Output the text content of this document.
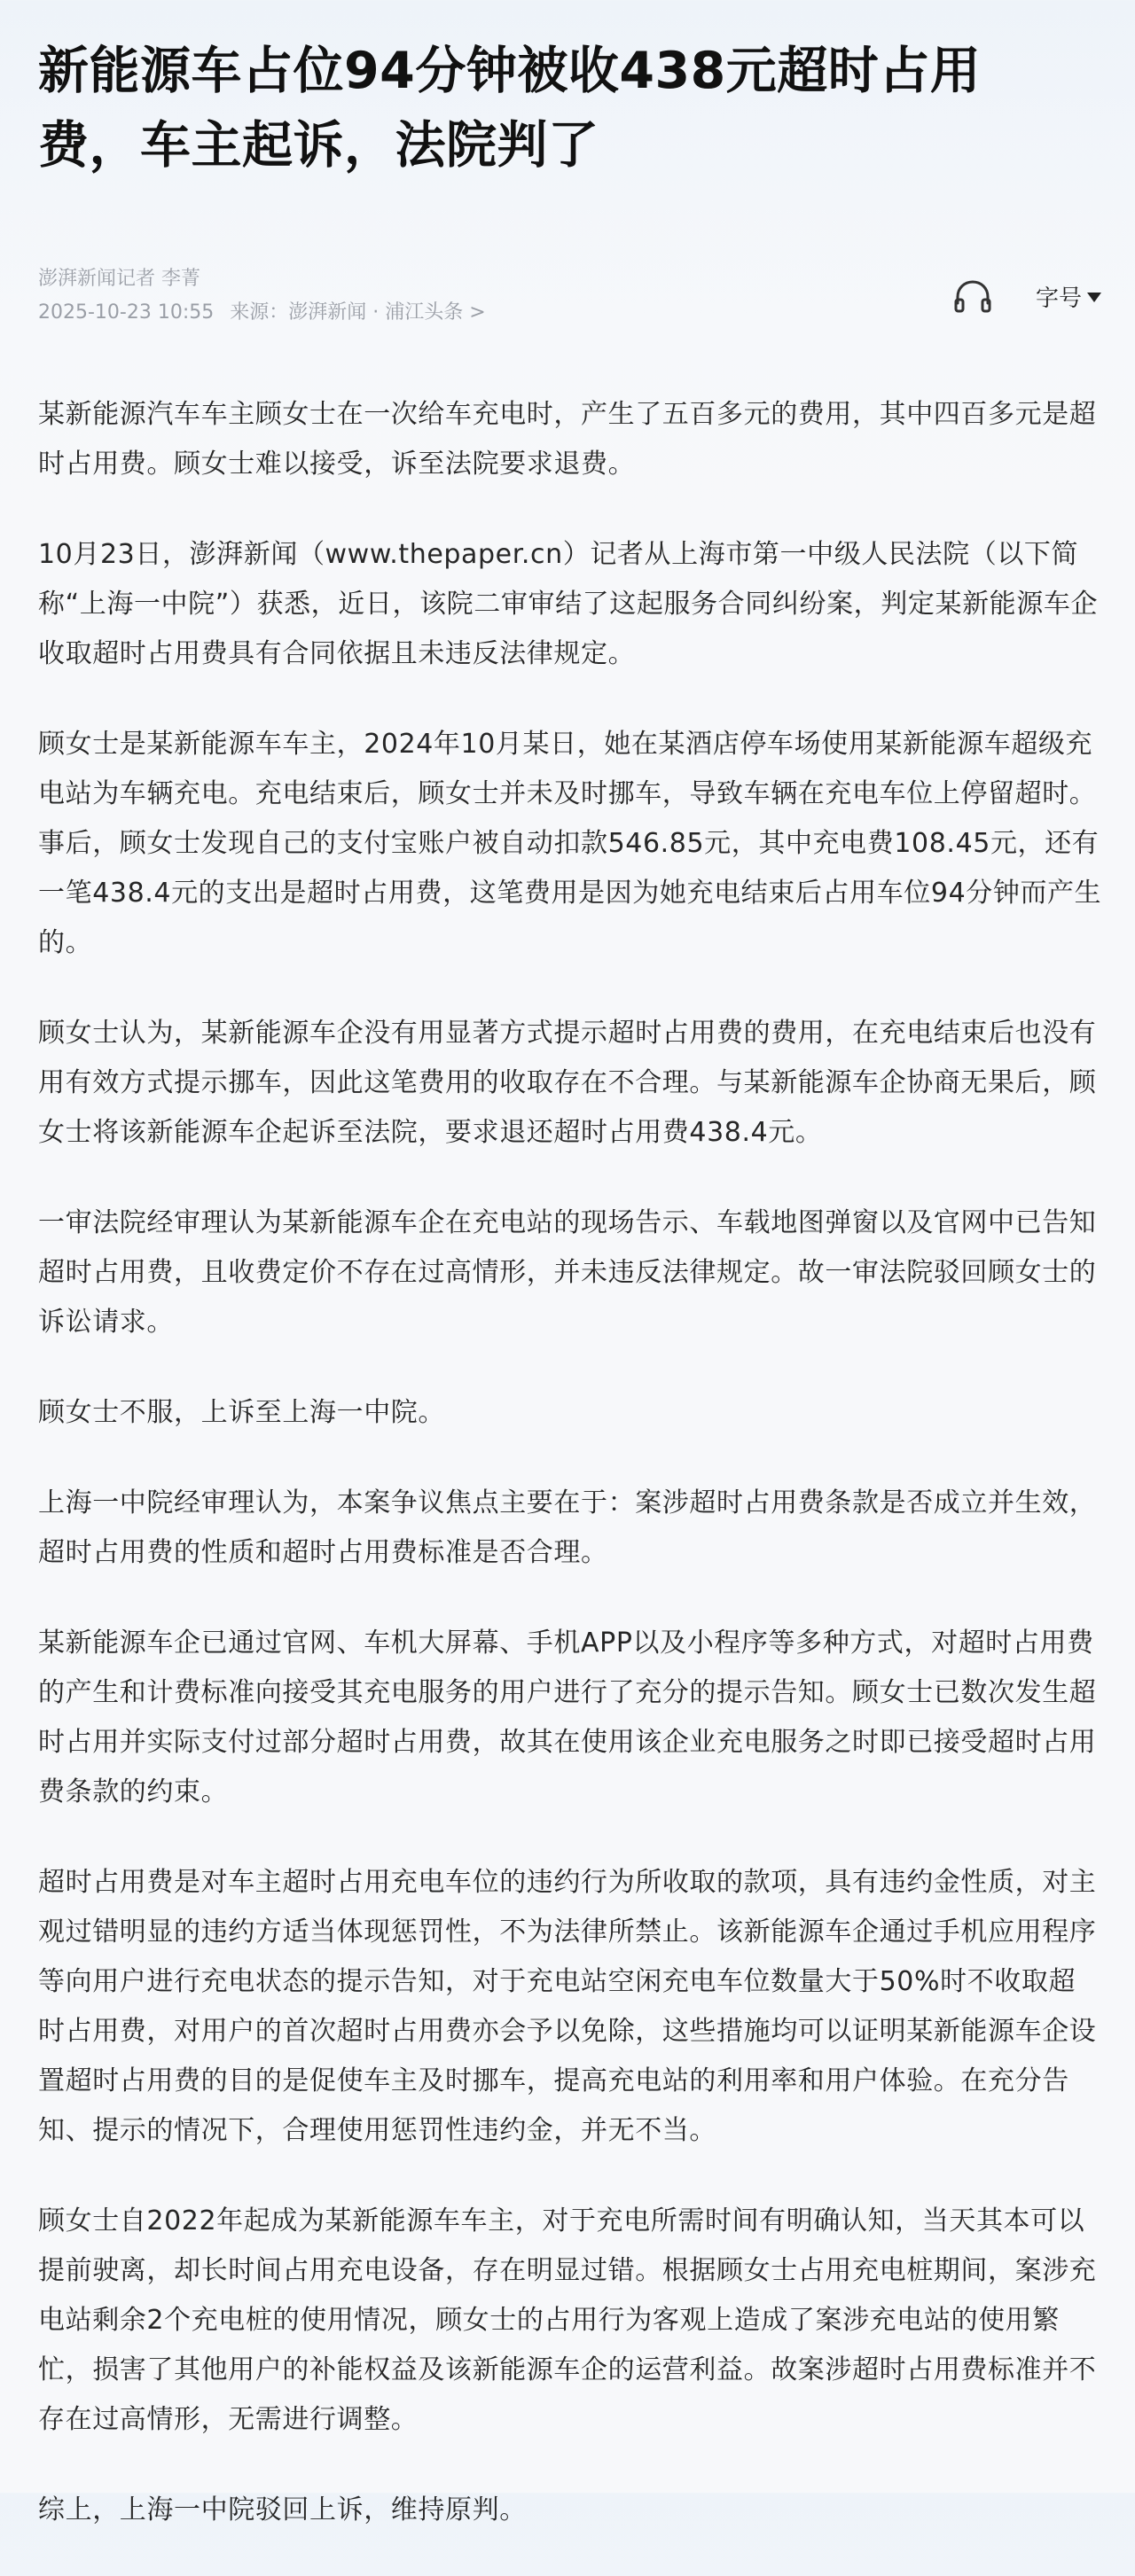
新能源车占位94分钟被收438元超时占用费，车主起诉，法院判了
澎湃新闻记者 李菁
2025-10-23 10:55 来源：澎湃新闻 · 浦江头条 >
字号

某新能源汽车车主顾女士在一次给车充电时，产生了五百多元的费用，其中四百多元是超时占用费。顾女士难以接受，诉至法院要求退费。

10月23日，澎湃新闻（www.thepaper.cn）记者从上海市第一中级人民法院（以下简称“上海一中院”）获悉，近日，该院二审审结了这起服务合同纠纷案，判定某新能源车企收取超时占用费具有合同依据且未违反法律规定。

顾女士是某新能源车车主，2024年10月某日，她在某酒店停车场使用某新能源车超级充电站为车辆充电。充电结束后，顾女士并未及时挪车，导致车辆在充电车位上停留超时。事后，顾女士发现自己的支付宝账户被自动扣款546.85元，其中充电费108.45元，还有一笔438.4元的支出是超时占用费，这笔费用是因为她充电结束后占用车位94分钟而产生的。

顾女士认为，某新能源车企没有用显著方式提示超时占用费的费用，在充电结束后也没有用有效方式提示挪车，因此这笔费用的收取存在不合理。与某新能源车企协商无果后，顾女士将该新能源车企起诉至法院，要求退还超时占用费438.4元。

一审法院经审理认为某新能源车企在充电站的现场告示、车载地图弹窗以及官网中已告知超时占用费，且收费定价不存在过高情形，并未违反法律规定。故一审法院驳回顾女士的诉讼请求。

顾女士不服，上诉至上海一中院。

上海一中院经审理认为，本案争议焦点主要在于：案涉超时占用费条款是否成立并生效，超时占用费的性质和超时占用费标准是否合理。

某新能源车企已通过官网、车机大屏幕、手机APP以及小程序等多种方式，对超时占用费的产生和计费标准向接受其充电服务的用户进行了充分的提示告知。顾女士已数次发生超时占用并实际支付过部分超时占用费，故其在使用该企业充电服务之时即已接受超时占用费条款的约束。

超时占用费是对车主超时占用充电车位的违约行为所收取的款项，具有违约金性质，对主观过错明显的违约方适当体现惩罚性，不为法律所禁止。该新能源车企通过手机应用程序等向用户进行充电状态的提示告知，对于充电站空闲充电车位数量大于50%时不收取超时占用费，对用户的首次超时占用费亦会予以免除，这些措施均可以证明某新能源车企设置超时占用费的目的是促使车主及时挪车，提高充电站的利用率和用户体验。在充分告知、提示的情况下，合理使用惩罚性违约金，并无不当。

顾女士自2022年起成为某新能源车车主，对于充电所需时间有明确认知，当天其本可以提前驶离，却长时间占用充电设备，存在明显过错。根据顾女士占用充电桩期间，案涉充电站剩余2个充电桩的使用情况，顾女士的占用行为客观上造成了案涉充电站的使用繁忙，损害了其他用户的补能权益及该新能源车企的运营利益。故案涉超时占用费标准并不存在过高情形，无需进行调整。

综上，上海一中院驳回上诉，维持原判。
